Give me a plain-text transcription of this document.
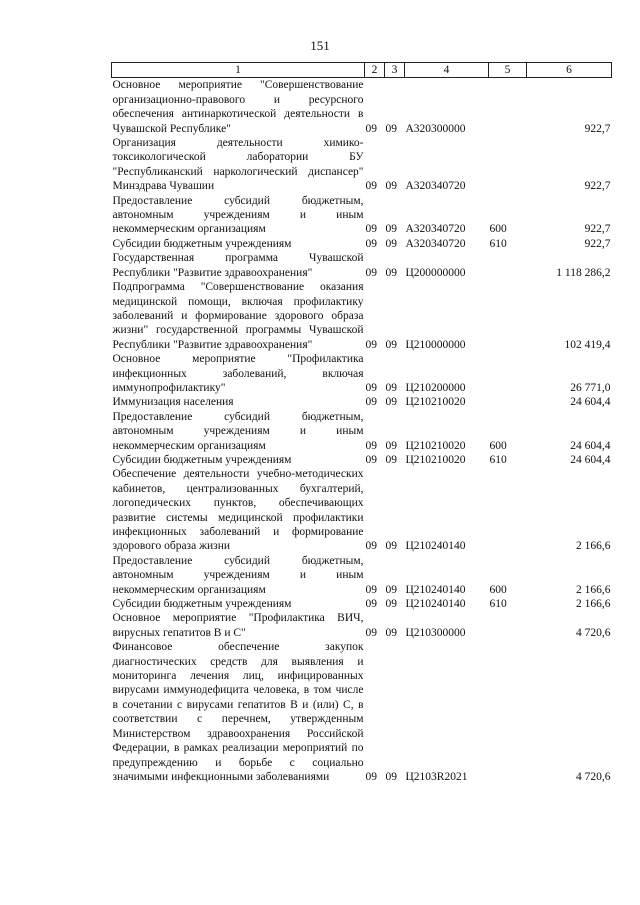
151
1	2	3	4	5	6
Основное мероприятие "Совершенствование организационно-правового и ресурсного обеспечения антинаркотической деятельности в Чувашской Республике"	09	09	А320300000		922,7
Организация деятельности химико-токсикологической лаборатории БУ "Республиканский наркологический диспансер" Минздрава Чувашии	09	09	А320340720		922,7
Предоставление субсидий бюджетным, автономным учреждениям и иным некоммерческим организациям	09	09	А320340720	600	922,7
Субсидии бюджетным учреждениям	09	09	А320340720	610	922,7
Государственная программа Чувашской Республики "Развитие здравоохранения"	09	09	Ц200000000		1 118 286,2
Подпрограмма "Совершенствование оказания медицинской помощи, включая профилактику заболеваний и формирование здорового образа жизни" государственной программы Чувашской Республики "Развитие здравоохранения"	09	09	Ц210000000		102 419,4
Основное мероприятие "Профилактика инфекционных заболеваний, включая иммунопрофилактику"	09	09	Ц210200000		26 771,0
Иммунизация населения	09	09	Ц210210020		24 604,4
Предоставление субсидий бюджетным, автономным учреждениям и иным некоммерческим организациям	09	09	Ц210210020	600	24 604,4
Субсидии бюджетным учреждениям	09	09	Ц210210020	610	24 604,4
Обеспечение деятельности учебно-методических кабинетов, централизованных бухгалтерий, логопедических пунктов, обеспечивающих развитие системы медицинской профилактики инфекционных заболеваний и формирование здорового образа жизни	09	09	Ц210240140		2 166,6
Предоставление субсидий бюджетным, автономным учреждениям и иным некоммерческим организациям	09	09	Ц210240140	600	2 166,6
Субсидии бюджетным учреждениям	09	09	Ц210240140	610	2 166,6
Основное мероприятие "Профилактика ВИЧ, вирусных гепатитов В и С"	09	09	Ц210300000		4 720,6
Финансовое обеспечение закупок диагностических средств для выявления и мониторинга лечения лиц, инфицированных вирусами иммунодефицита человека, в том числе в сочетании с вирусами гепатитов В и (или) С, в соответствии с перечнем, утвержденным Министерством здравоохранения Российской Федерации, в рамках реализации мероприятий по предупреждению и борьбе с социально значимыми инфекционными заболеваниями	09	09	Ц2103R2021		4 720,6
